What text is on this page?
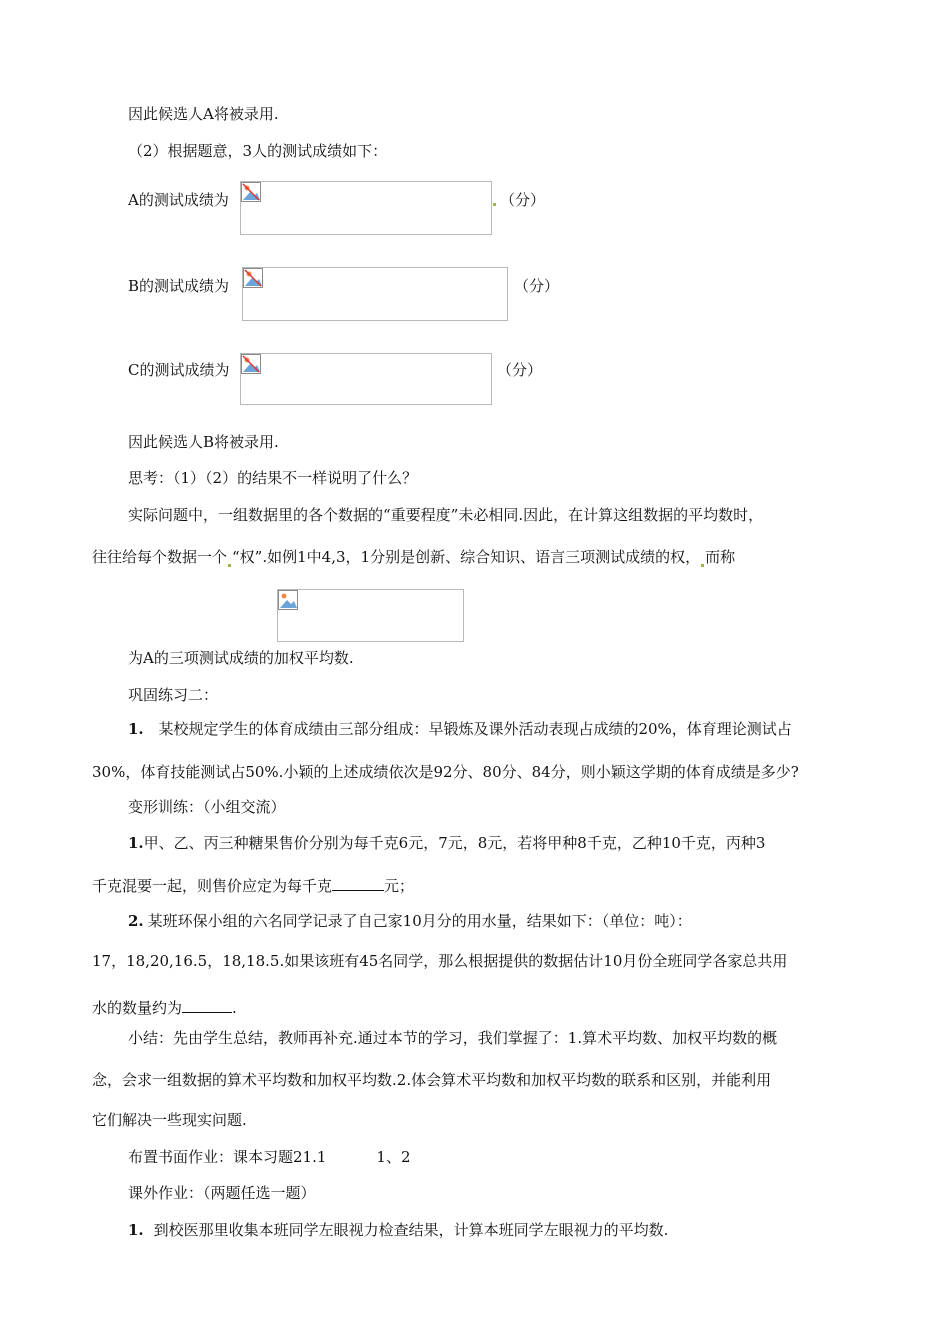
因此候选人A将被录用.
（2）根据题意，3人的测试成绩如下：
A的测试成绩为	（分）
B的测试成绩为	（分）
C的测试成绩为	（分）
因此候选人B将被录用.
思考：（1）（2）的结果不一样说明了什么？
实际问题中，一组数据里的各个数据的“重要程度”未必相同.因此，在计算这组数据的平均数时，
往往给每个数据一个 “权”.如例1中4,3，1分别是创新、综合知识、语言三项测试成绩的权， 而称
为A的三项测试成绩的加权平均数.
巩固练习二：
1. 某校规定学生的体育成绩由三部分组成：早锻炼及课外活动表现占成绩的20%，体育理论测试占
30%，体育技能测试占50%.小颖的上述成绩依次是92分、80分、84分，则小颖这学期的体育成绩是多少?
变形训练：（小组交流）
1.甲、乙、丙三种糖果售价分别为每千克6元，7元，8元，若将甲种8千克，乙种10千克，丙种3
千克混要一起，则售价应定为每千克	元；
2. 某班环保小组的六名同学记录了自己家10月分的用水量，结果如下：（单位：吨）：
17，18,20,16.5，18,18.5.如果该班有45名同学，那么根据提供的数据估计10月份全班同学各家总共用
水的数量约为	.
小结：先由学生总结，教师再补充.通过本节的学习，我们掌握了：1.算术平均数、加权平均数的概
念，会求一组数据的算术平均数和加权平均数.2.体会算术平均数和加权平均数的联系和区别，并能利用
它们解决一些现实问题.
布置书面作业：课本习题21.1	1、2
课外作业：（两题任选一题）
1. 到校医那里收集本班同学左眼视力检查结果，计算本班同学左眼视力的平均数.
